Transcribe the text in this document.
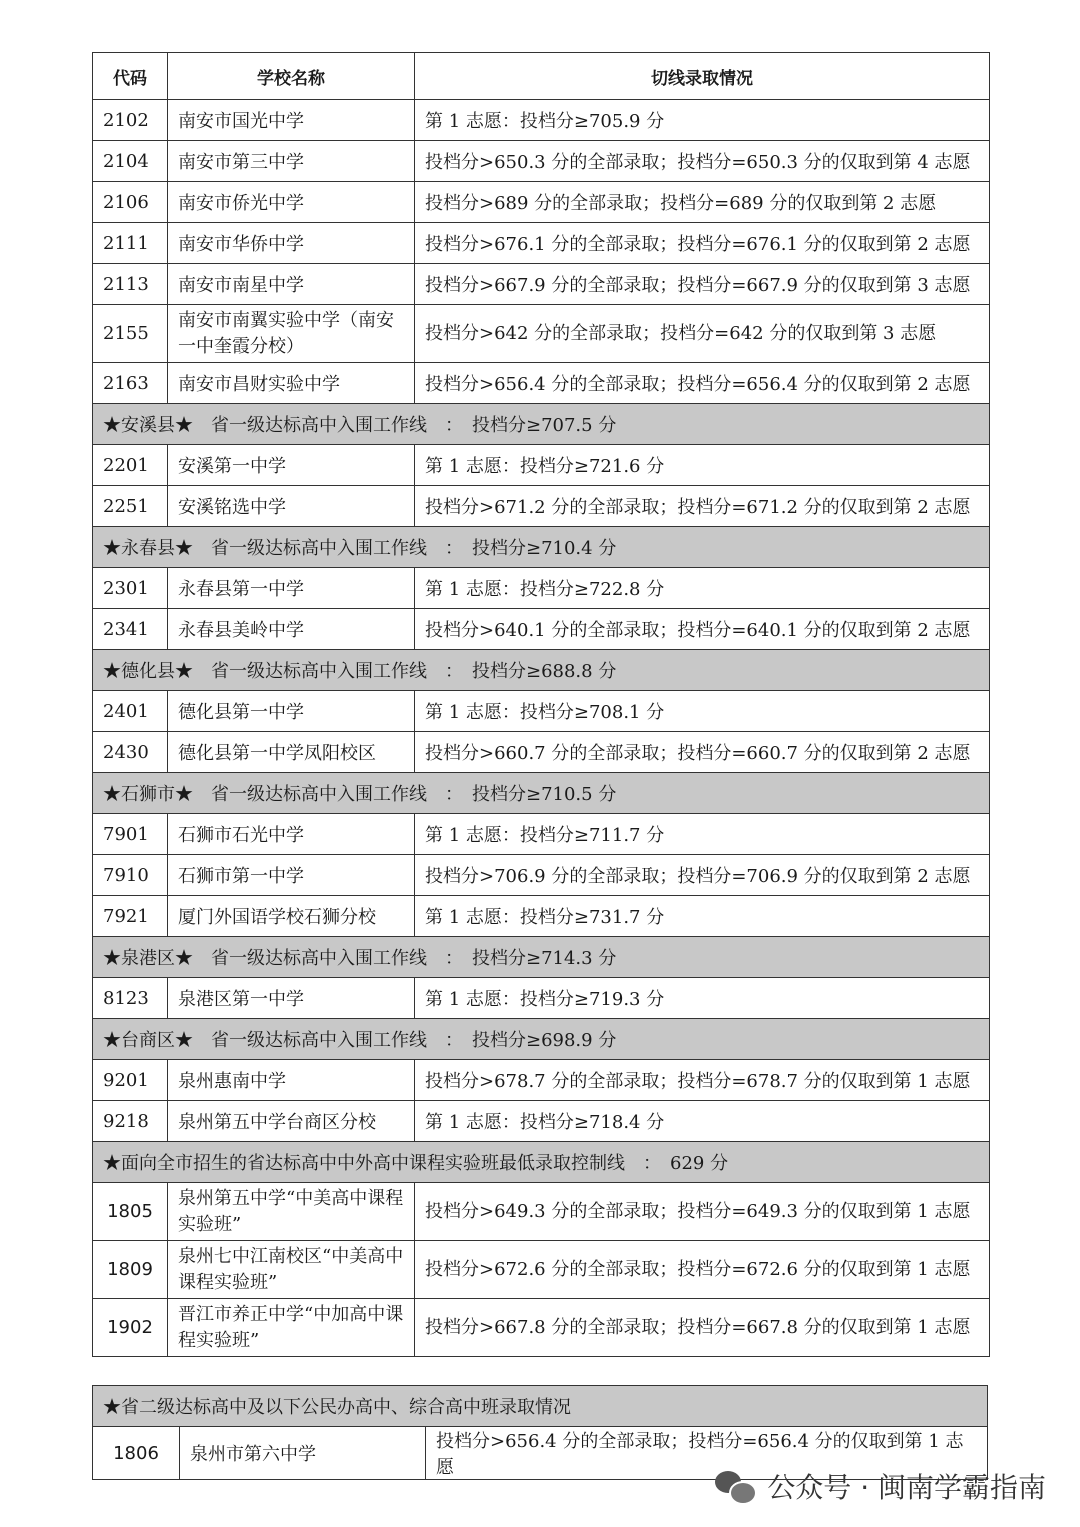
代码	学校名称	切线录取情况
2102	南安市国光中学	第 1 志愿：投档分≥705.9 分
2104	南安市第三中学	投档分>650.3 分的全部录取；投档分=650.3 分的仅取到第 4 志愿
2106	南安市侨光中学	投档分>689 分的全部录取；投档分=689 分的仅取到第 2 志愿
2111	南安市华侨中学	投档分>676.1 分的全部录取；投档分=676.1 分的仅取到第 2 志愿
2113	南安市南星中学	投档分>667.9 分的全部录取；投档分=667.9 分的仅取到第 3 志愿
2155	南安市南翼实验中学（南安一中奎霞分校）	投档分>642 分的全部录取；投档分=642 分的仅取到第 3 志愿
2163	南安市昌财实验中学	投档分>656.4 分的全部录取；投档分=656.4 分的仅取到第 2 志愿
★安溪县★　省一级达标高中入围工作线　：　投档分≥707.5 分		
2201	安溪第一中学	第 1 志愿：投档分≥721.6 分
2251	安溪铭选中学	投档分>671.2 分的全部录取；投档分=671.2 分的仅取到第 2 志愿
★永春县★　省一级达标高中入围工作线　：　投档分≥710.4 分		
2301	永春县第一中学	第 1 志愿：投档分≥722.8 分
2341	永春县美岭中学	投档分>640.1 分的全部录取；投档分=640.1 分的仅取到第 2 志愿
★德化县★　省一级达标高中入围工作线　：　投档分≥688.8 分		
2401	德化县第一中学	第 1 志愿：投档分≥708.1 分
2430	德化县第一中学凤阳校区	投档分>660.7 分的全部录取；投档分=660.7 分的仅取到第 2 志愿
★石狮市★　省一级达标高中入围工作线　：　投档分≥710.5 分		
7901	石狮市石光中学	第 1 志愿：投档分≥711.7 分
7910	石狮市第一中学	投档分>706.9 分的全部录取；投档分=706.9 分的仅取到第 2 志愿
7921	厦门外国语学校石狮分校	第 1 志愿：投档分≥731.7 分
★泉港区★　省一级达标高中入围工作线　：　投档分≥714.3 分		
8123	泉港区第一中学	第 1 志愿：投档分≥719.3 分
★台商区★　省一级达标高中入围工作线　：　投档分≥698.9 分		
9201	泉州惠南中学	投档分>678.7 分的全部录取；投档分=678.7 分的仅取到第 1 志愿
9218	泉州第五中学台商区分校	第 1 志愿：投档分≥718.4 分
★面向全市招生的省达标高中中外高中课程实验班最低录取控制线　：　629 分		
1805	泉州第五中学“中美高中课程实验班”	投档分>649.3 分的全部录取；投档分=649.3 分的仅取到第 1 志愿
1809	泉州七中江南校区“中美高中课程实验班”	投档分>672.6 分的全部录取；投档分=672.6 分的仅取到第 1 志愿
1902	晋江市养正中学“中加高中课程实验班”	投档分>667.8 分的全部录取；投档分=667.8 分的仅取到第 1 志愿
★省二级达标高中及以下公民办高中、综合高中班录取情况
1806	泉州市第六中学	投档分>656.4 分的全部录取；投档分=656.4 分的仅取到第 1 志愿
公众号 · 闽南学霸指南
